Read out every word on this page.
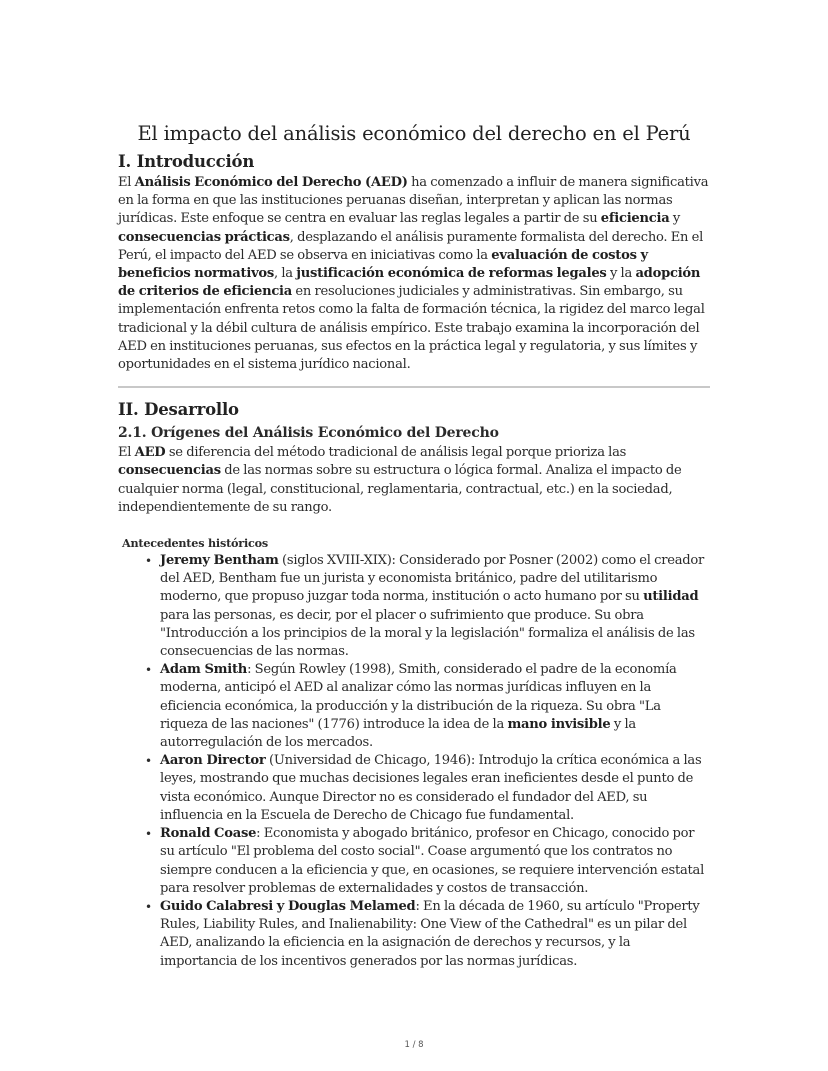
El impacto del análisis económico del derecho en el Perú
I. Introducción

El Análisis Económico del Derecho (AED) ha comenzado a influir de manera significativa en la forma en que las instituciones peruanas diseñan, interpretan y aplican las normas jurídicas. Este enfoque se centra en evaluar las reglas legales a partir de su eficiencia y consecuencias prácticas, desplazando el análisis puramente formalista del derecho. En el Perú, el impacto del AED se observa en iniciativas como la evaluación de costos y beneficios normativos, la justificación económica de reformas legales y la adopción de criterios de eficiencia en resoluciones judiciales y administrativas. Sin embargo, su implementación enfrenta retos como la falta de formación técnica, la rigidez del marco legal tradicional y la débil cultura de análisis empírico. Este trabajo examina la incorporación del AED en instituciones peruanas, sus efectos en la práctica legal y regulatoria, y sus límites y oportunidades en el sistema jurídico nacional.

II. Desarrollo
2.1. Orígenes del Análisis Económico del Derecho

El AED se diferencia del método tradicional de análisis legal porque prioriza las consecuencias de las normas sobre su estructura o lógica formal. Analiza el impacto de cualquier norma (legal, constitucional, reglamentaria, contractual, etc.) en la sociedad, independientemente de su rango.

Antecedentes históricos
• Jeremy Bentham (siglos XVIII-XIX): Considerado por Posner (2002) como el creador del AED, Bentham fue un jurista y economista británico, padre del utilitarismo moderno, que propuso juzgar toda norma, institución o acto humano por su utilidad para las personas, es decir, por el placer o sufrimiento que produce. Su obra "Introducción a los principios de la moral y la legislación" formaliza el análisis de las consecuencias de las normas.
• Adam Smith: Según Rowley (1998), Smith, considerado el padre de la economía moderna, anticipó el AED al analizar cómo las normas jurídicas influyen en la eficiencia económica, la producción y la distribución de la riqueza. Su obra "La riqueza de las naciones" (1776) introduce la idea de la mano invisible y la autorregulación de los mercados.
• Aaron Director (Universidad de Chicago, 1946): Introdujo la crítica económica a las leyes, mostrando que muchas decisiones legales eran ineficientes desde el punto de vista económico. Aunque Director no es considerado el fundador del AED, su influencia en la Escuela de Derecho de Chicago fue fundamental.
• Ronald Coase: Economista y abogado británico, profesor en Chicago, conocido por su artículo "El problema del costo social". Coase argumentó que los contratos no siempre conducen a la eficiencia y que, en ocasiones, se requiere intervención estatal para resolver problemas de externalidades y costos de transacción.
• Guido Calabresi y Douglas Melamed: En la década de 1960, su artículo "Property Rules, Liability Rules, and Inalienability: One View of the Cathedral" es un pilar del AED, analizando la eficiencia en la asignación de derechos y recursos, y la importancia de los incentivos generados por las normas jurídicas.
1 / 8
